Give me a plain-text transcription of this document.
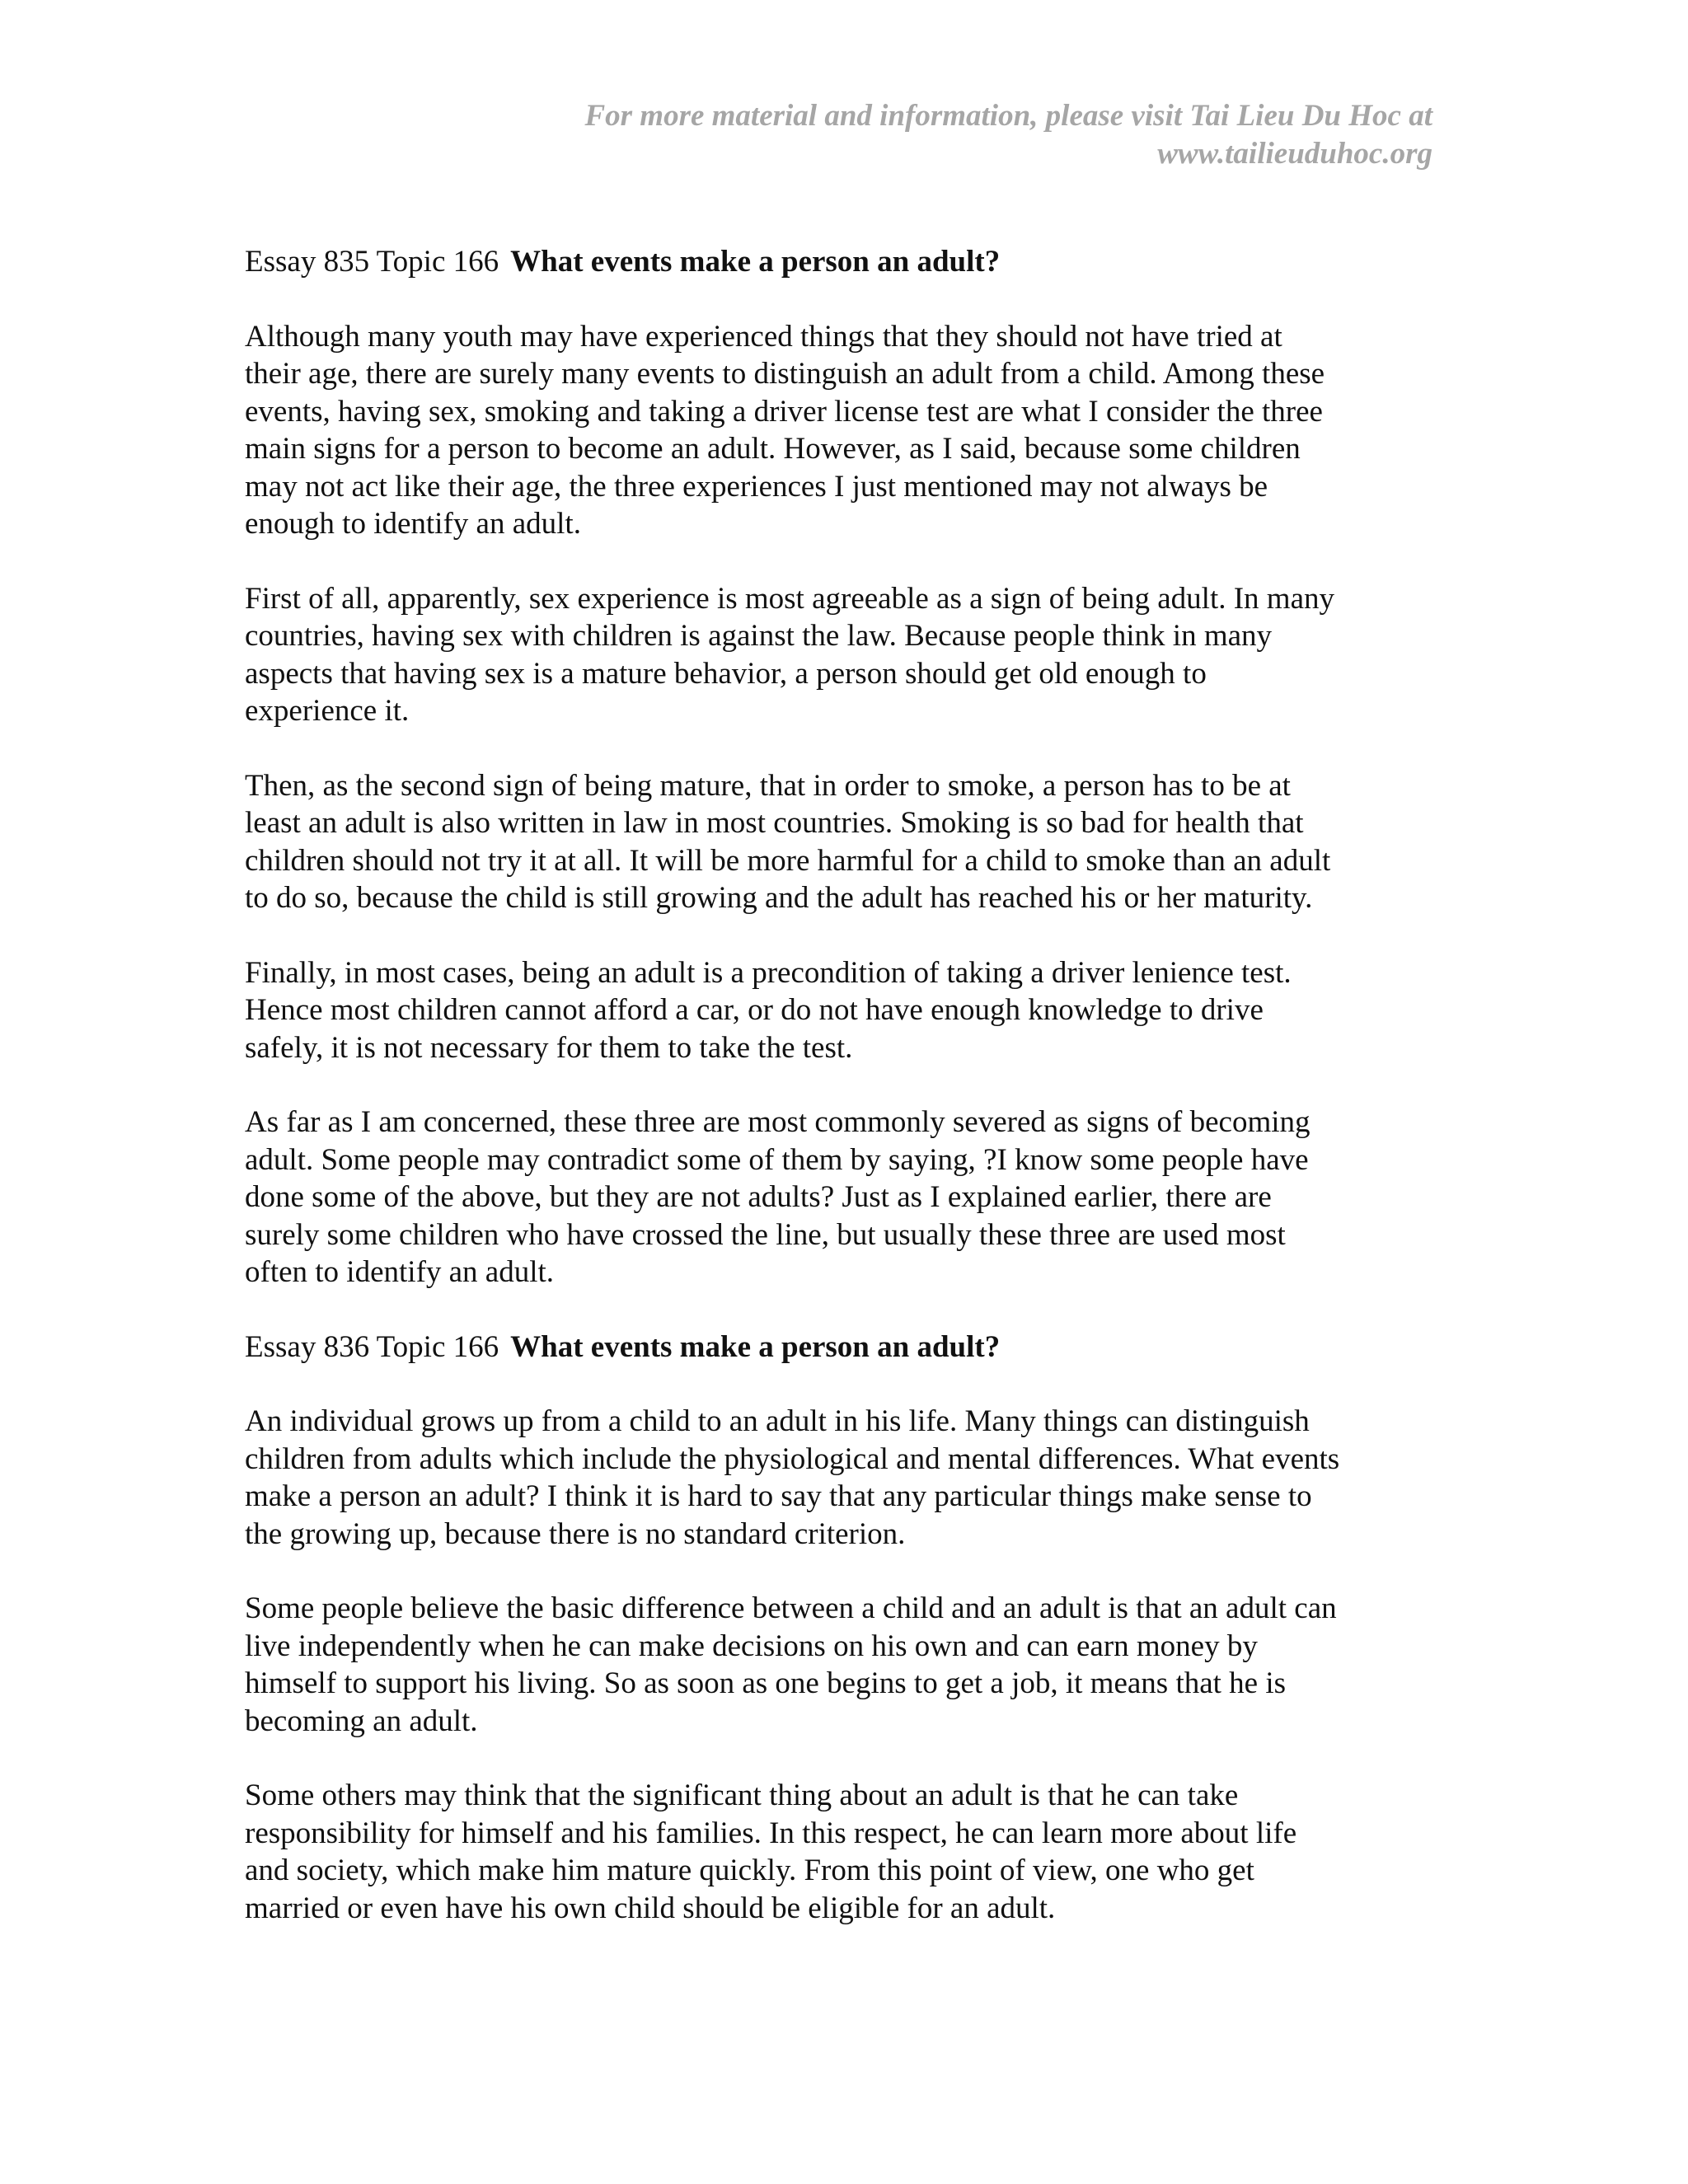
For more material and information, please visit Tai Lieu Du Hoc at
www.tailieuduhoc.org

Essay 835 Topic 166 What events make a person an adult?

Although many youth may have experienced things that they should not have tried at
their age, there are surely many events to distinguish an adult from a child. Among these
events, having sex, smoking and taking a driver license test are what I consider the three
main signs for a person to become an adult. However, as I said, because some children
may not act like their age, the three experiences I just mentioned may not always be
enough to identify an adult.

First of all, apparently, sex experience is most agreeable as a sign of being adult. In many
countries, having sex with children is against the law. Because people think in many
aspects that having sex is a mature behavior, a person should get old enough to
experience it.

Then, as the second sign of being mature, that in order to smoke, a person has to be at
least an adult is also written in law in most countries. Smoking is so bad for health that
children should not try it at all. It will be more harmful for a child to smoke than an adult
to do so, because the child is still growing and the adult has reached his or her maturity.

Finally, in most cases, being an adult is a precondition of taking a driver lenience test.
Hence most children cannot afford a car, or do not have enough knowledge to drive
safely, it is not necessary for them to take the test.

As far as I am concerned, these three are most commonly severed as signs of becoming
adult. Some people may contradict some of them by saying, ?I know some people have
done some of the above, but they are not adults? Just as I explained earlier, there are
surely some children who have crossed the line, but usually these three are used most
often to identify an adult.

Essay 836 Topic 166 What events make a person an adult?

An individual grows up from a child to an adult in his life. Many things can distinguish
children from adults which include the physiological and mental differences. What events
make a person an adult? I think it is hard to say that any particular things make sense to
the growing up, because there is no standard criterion.

Some people believe the basic difference between a child and an adult is that an adult can
live independently when he can make decisions on his own and can earn money by
himself to support his living. So as soon as one begins to get a job, it means that he is
becoming an adult.

Some others may think that the significant thing about an adult is that he can take
responsibility for himself and his families. In this respect, he can learn more about life
and society, which make him mature quickly. From this point of view, one who get
married or even have his own child should be eligible for an adult.
